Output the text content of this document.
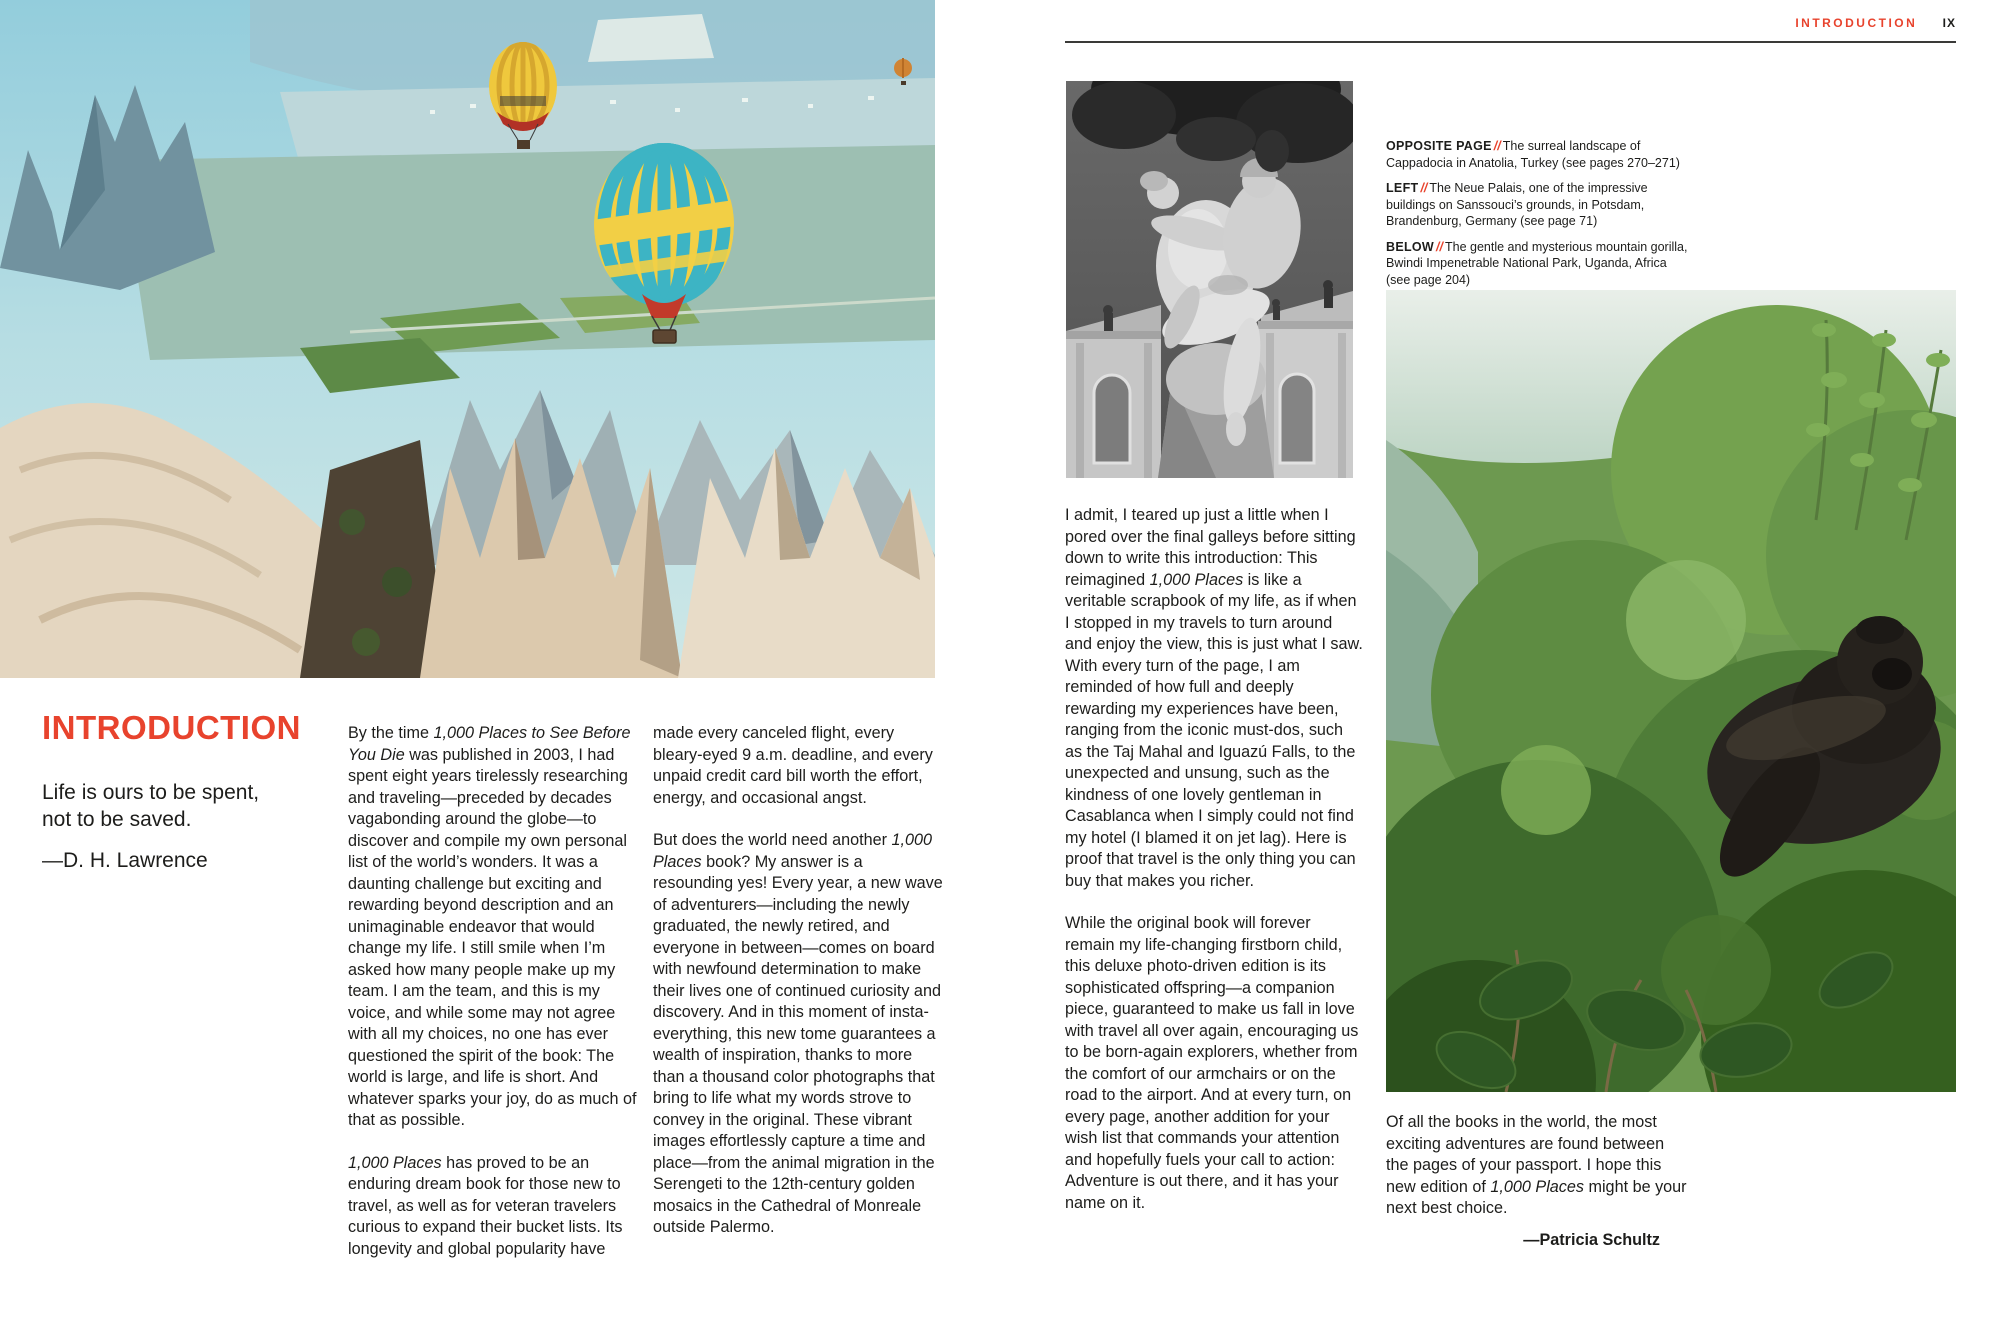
INTRODUCTION

Life is ours to be spent,
not to be saved.

—D. H. Lawrence

By the time 1,000 Places to See Before You Die was published in 2003, I had spent eight years tirelessly researching and traveling—preceded by decades vagabonding around the globe—to discover and compile my own personal list of the world’s wonders. It was a daunting challenge but exciting and rewarding beyond description and an unimaginable endeavor that would change my life. I still smile when I’m asked how many people make up my team. I am the team, and this is my voice, and while some may not agree with all my choices, no one has ever questioned the spirit of the book: The world is large, and life is short. And whatever sparks your joy, do as much of that as possible.

1,000 Places has proved to be an enduring dream book for those new to travel, as well as for veteran travelers curious to expand their bucket lists. Its longevity and global popularity have

made every canceled flight, every bleary-eyed 9 a.m. deadline, and every unpaid credit card bill worth the effort, energy, and occasional angst.

But does the world need another 1,000 Places book? My answer is a resounding yes! Every year, a new wave of adventurers—including the newly graduated, the newly retired, and everyone in between—comes on board with newfound determination to make their lives one of continued curiosity and discovery. And in this moment of insta-everything, this new tome guarantees a wealth of inspiration, thanks to more than a thousand color photographs that bring to life what my words strove to convey in the original. These vibrant images effortlessly capture a time and place—from the animal migration in the Serengeti to the 12th-century golden mosaics in the Cathedral of Monreale outside Palermo.

INTRODUCTION IX

OPPOSITE PAGE // The surreal landscape of Cappadocia in Anatolia, Turkey (see pages 270–271)

LEFT // The Neue Palais, one of the impressive buildings on Sanssouci’s grounds, in Potsdam, Brandenburg, Germany (see page 71)

BELOW // The gentle and mysterious mountain gorilla, Bwindi Impenetrable National Park, Uganda, Africa (see page 204)

I admit, I teared up just a little when I pored over the final galleys before sitting down to write this introduction: This reimagined 1,000 Places is like a veritable scrapbook of my life, as if when I stopped in my travels to turn around and enjoy the view, this is just what I saw. With every turn of the page, I am reminded of how full and deeply rewarding my experiences have been, ranging from the iconic must-dos, such as the Taj Mahal and Iguazú Falls, to the unexpected and unsung, such as the kindness of one lovely gentleman in Casablanca when I simply could not find my hotel (I blamed it on jet lag). Here is proof that travel is the only thing you can buy that makes you richer.

While the original book will forever remain my life-changing firstborn child, this deluxe photo-driven edition is its sophisticated offspring—a companion piece, guaranteed to make us fall in love with travel all over again, encouraging us to be born-again explorers, whether from the comfort of our armchairs or on the road to the airport. And at every turn, on every page, another addition for your wish list that commands your attention and hopefully fuels your call to action: Adventure is out there, and it has your name on it.

Of all the books in the world, the most exciting adventures are found between the pages of your passport. I hope this new edition of 1,000 Places might be your next best choice.

—Patricia Schultz
